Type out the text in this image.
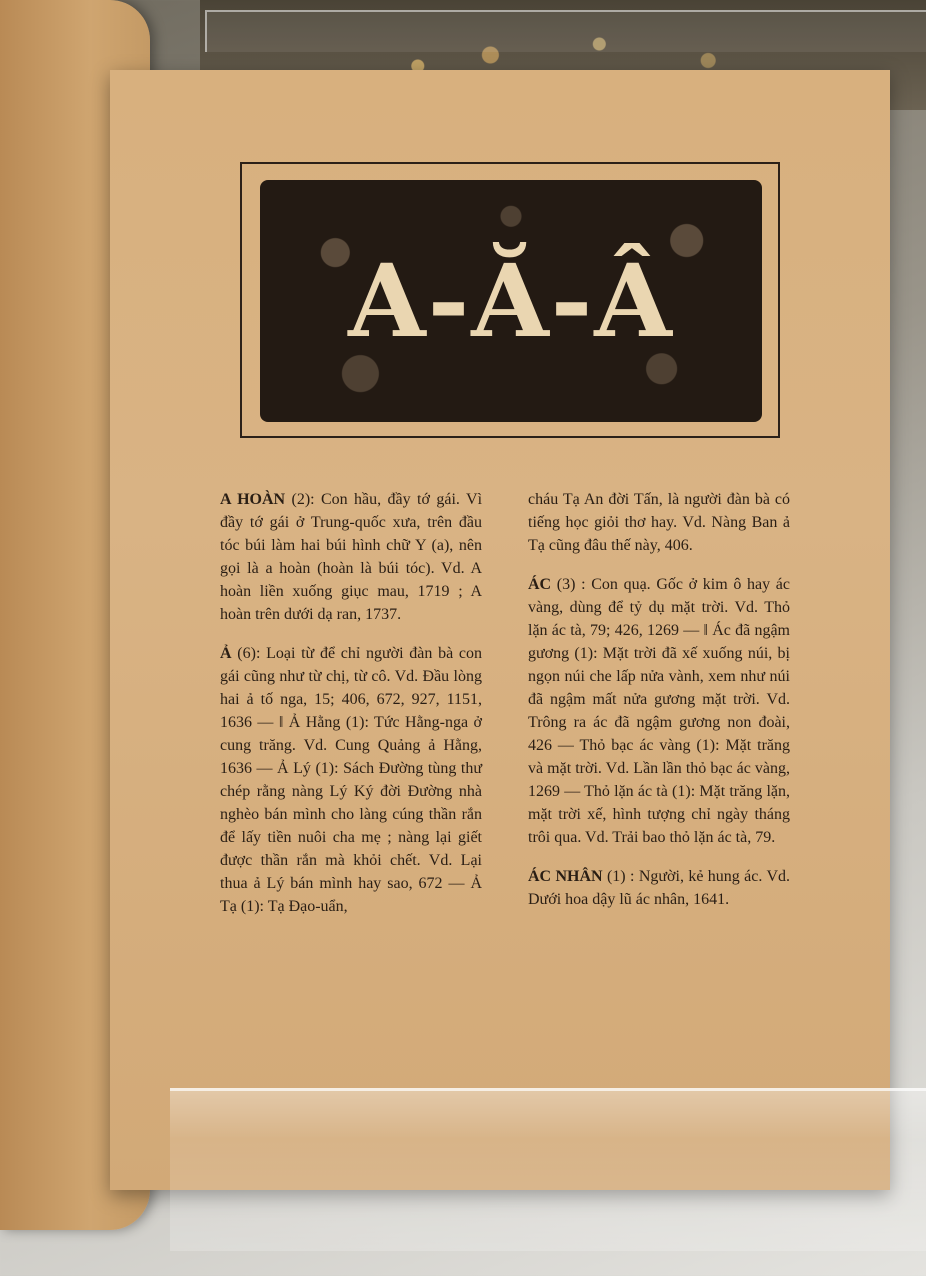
A-Ă-Â

A HOÀN (2): Con hầu, đầy tớ gái. Vì đầy tớ gái ở Trung-quốc xưa, trên đầu tóc búi làm hai búi hình chữ Y (a), nên gọi là a hoàn (hoàn là búi tóc). Vd. A hoàn liền xuống giục mau, 1719 ; A hoàn trên dưới dạ ran, 1737.

Ả (6): Loại từ để chỉ người đàn bà con gái cũng như từ chị, từ cô. Vd. Đầu lòng hai ả tố nga, 15; 406, 672, 927, 1151, 1636 — ‖ Ả Hằng (1): Tức Hằng-nga ở cung trăng. Vd. Cung Quảng ả Hằng, 1636 — Ả Lý (1): Sách Đường tùng thư chép rằng nàng Lý Ký đời Đường nhà nghèo bán mình cho làng cúng thần rắn để lấy tiền nuôi cha mẹ ; nàng lại giết được thần rắn mà khỏi chết. Vd. Lại thua ả Lý bán mình hay sao, 672 — Ả Tạ (1): Tạ Đạo-uẩn,

cháu Tạ An đời Tấn, là người đàn bà có tiếng học giỏi thơ hay. Vd. Nàng Ban ả Tạ cũng đâu thế này, 406.

ÁC (3) : Con quạ. Gốc ở kim ô hay ác vàng, dùng để tỷ dụ mặt trời. Vd. Thỏ lặn ác tà, 79; 426, 1269 — ‖ Ác đã ngậm gương (1): Mặt trời đã xế xuống núi, bị ngọn núi che lấp nửa vành, xem như núi đã ngậm mất nửa gương mặt trời. Vd. Trông ra ác đã ngậm gương non đoài, 426 — Thỏ bạc ác vàng (1): Mặt trăng và mặt trời. Vd. Lần lần thỏ bạc ác vàng, 1269 — Thỏ lặn ác tà (1): Mặt trăng lặn, mặt trời xế, hình tượng chỉ ngày tháng trôi qua. Vd. Trải bao thỏ lặn ác tà, 79.

ÁC NHÂN (1) : Người, kẻ hung ác. Vd. Dưới hoa dậy lũ ác nhân, 1641.
